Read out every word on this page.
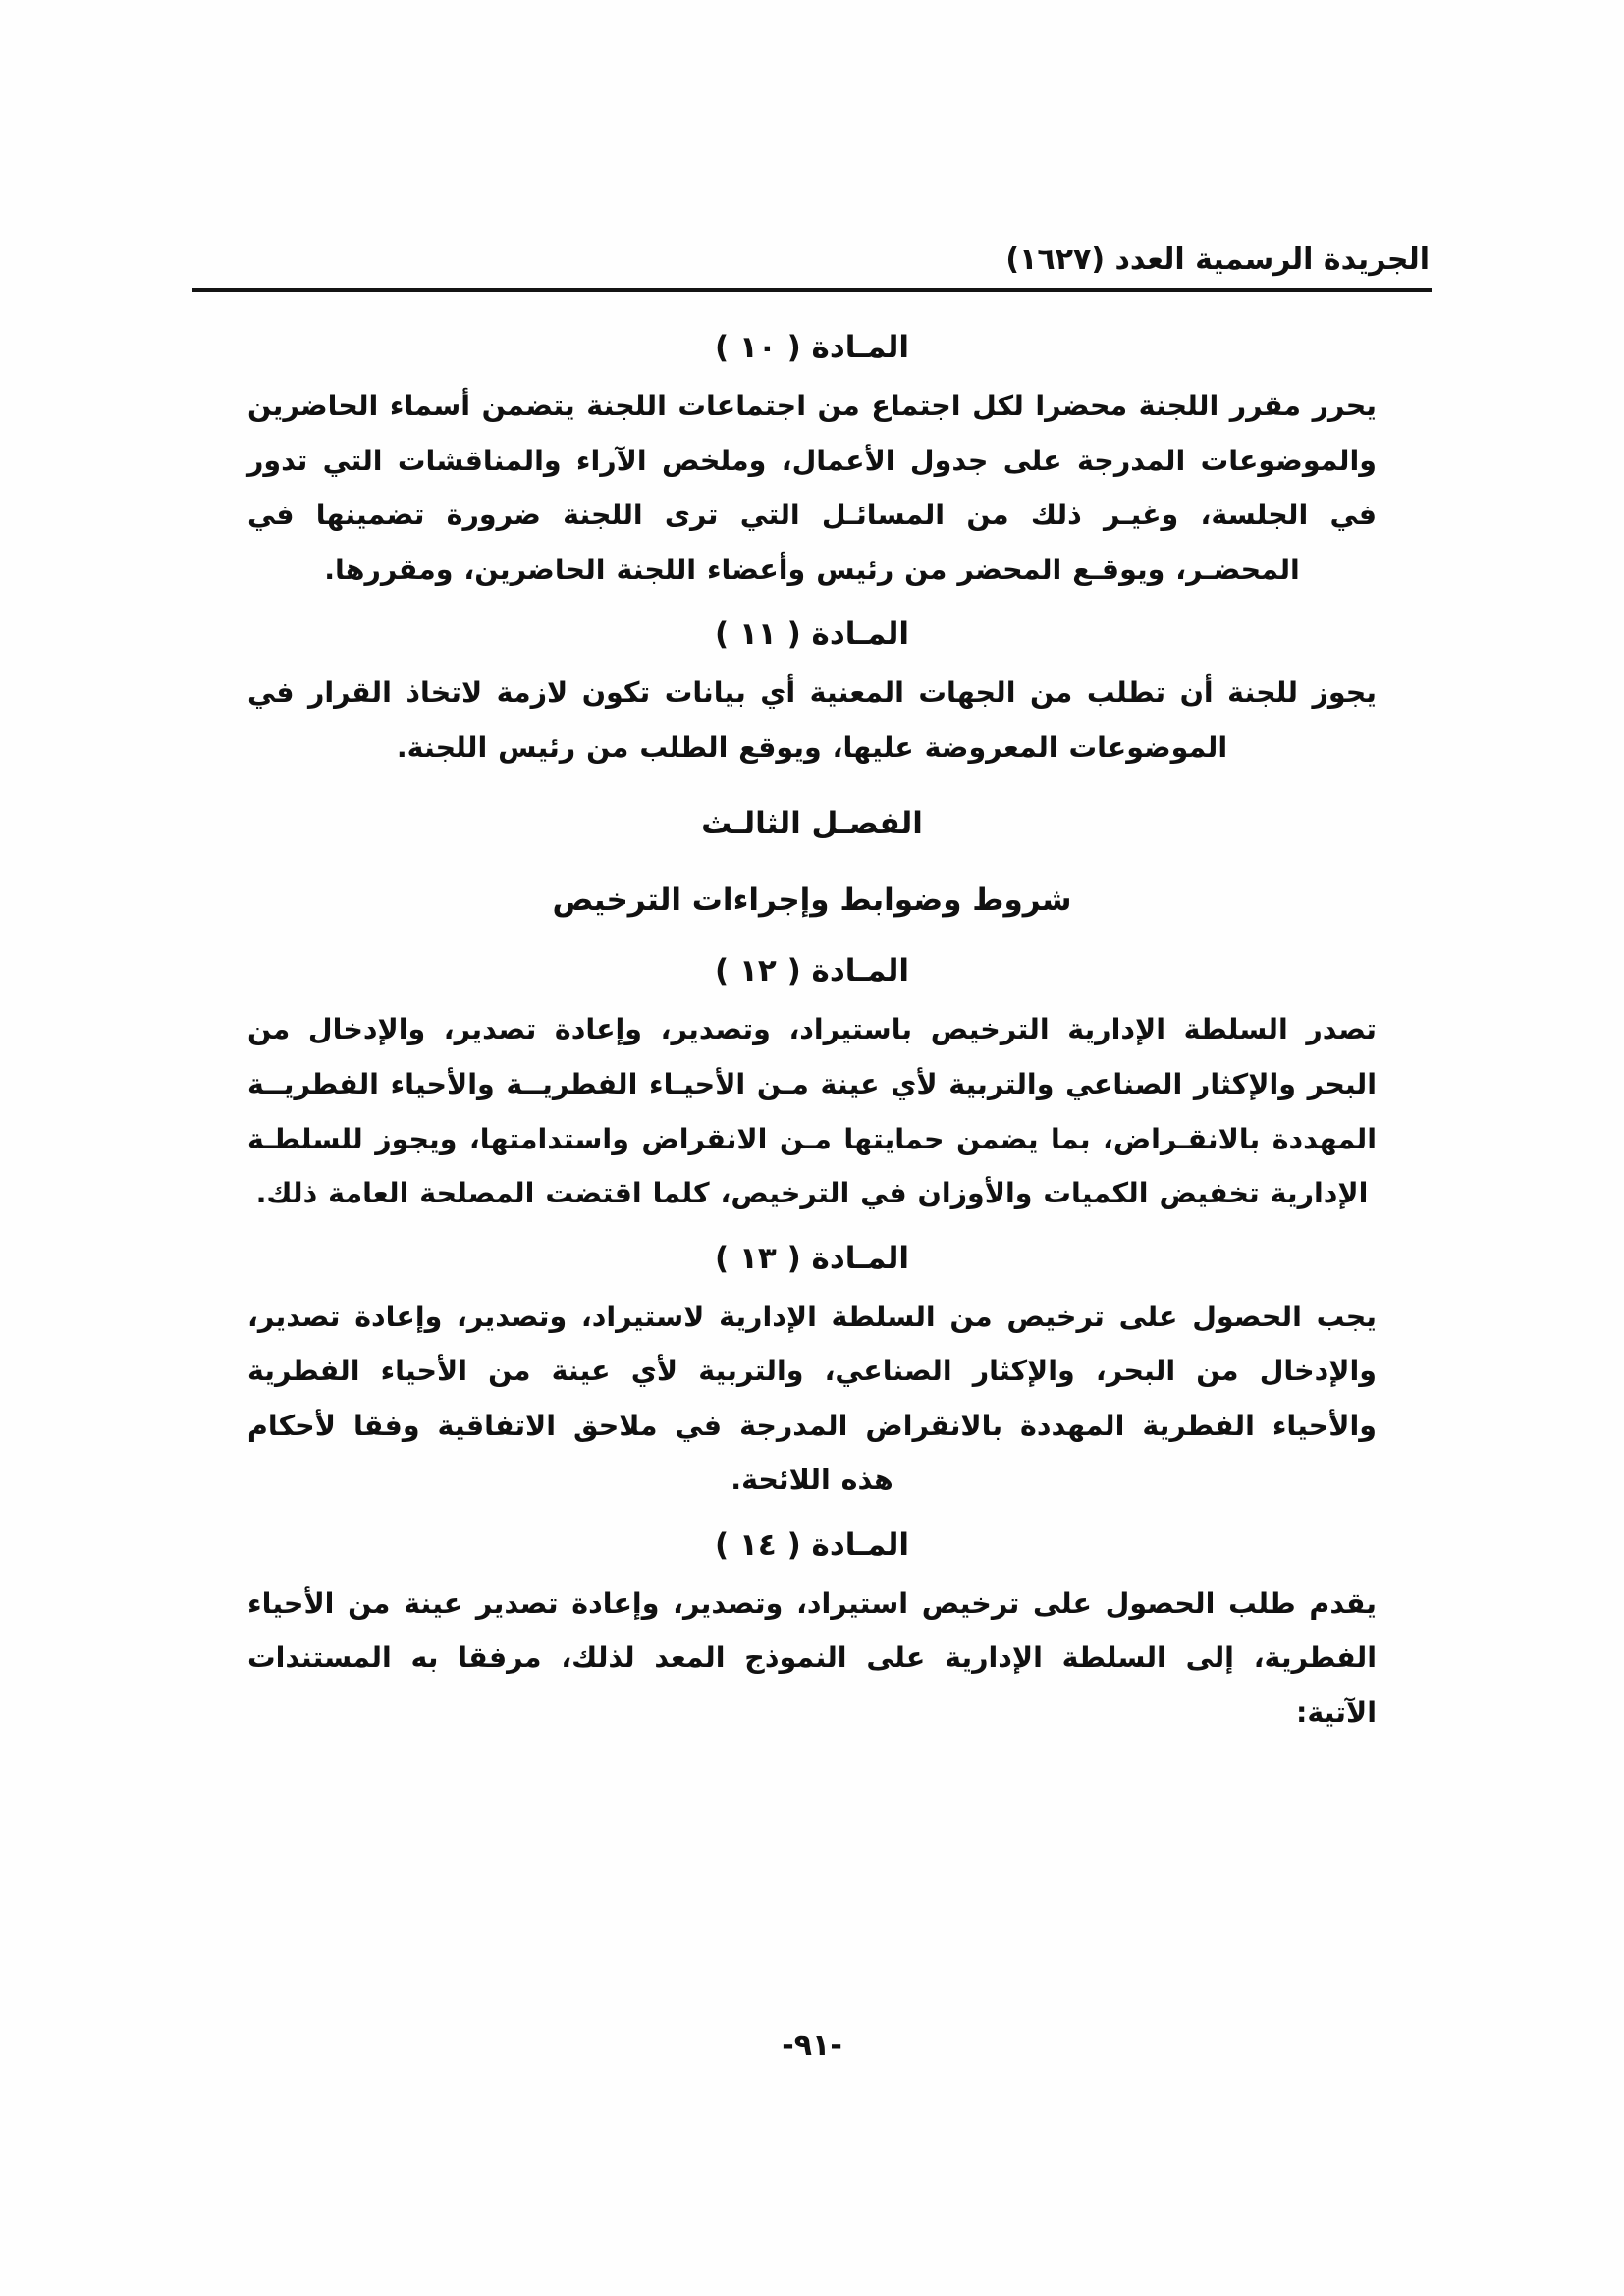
الجريدة الرسمية العدد (١٦٢٧)
المـادة ( ١٠ )

يحرر مقرر اللجنة محضرا لكل اجتماع من اجتماعات اللجنة يتضمن أسماء الحاضرين والموضوعات المدرجة على جدول الأعمال، وملخص الآراء والمناقشات التي تدور في الجلسة، وغيـر ذلك من المسائـل التي ترى اللجنة ضرورة تضمينها في المحضـر، ويوقـع المحضر من رئيس وأعضاء اللجنة الحاضرين، ومقررها.

المـادة ( ١١ )

يجوز للجنة أن تطلب من الجهات المعنية أي بيانات تكون لازمة لاتخاذ القرار في الموضوعات المعروضة عليها، ويوقع الطلب من رئيس اللجنة.

الفصـل الثالـث
شروط وضوابط وإجراءات الترخيص
المـادة ( ١٢ )

تصدر السلطة الإدارية الترخيص باستيراد، وتصدير، وإعادة تصدير، والإدخال من البحر والإكثار الصناعي والتربية لأي عينة مـن الأحيـاء الفطريــة والأحياء الفطريــة المهددة بالانقـراض، بما يضمن حمايتها مـن الانقراض واستدامتها، ويجوز للسلطـة الإدارية تخفيض الكميات والأوزان في الترخيص، كلما اقتضت المصلحة العامة ذلك.

المـادة ( ١٣ )

يجب الحصول على ترخيص من السلطة الإدارية لاستيراد، وتصدير، وإعادة تصدير، والإدخال من البحر، والإكثار الصناعي، والتربية لأي عينة من الأحياء الفطرية والأحياء الفطرية المهددة بالانقراض المدرجة في ملاحق الاتفاقية وفقا لأحكام هذه اللائحة.

المـادة ( ١٤ )

يقدم طلب الحصول على ترخيص استيراد، وتصدير، وإعادة تصدير عينة من الأحياء الفطرية، إلى السلطة الإدارية على النموذج المعد لذلك، مرفقا به المستندات الآتية:

-٩١-
